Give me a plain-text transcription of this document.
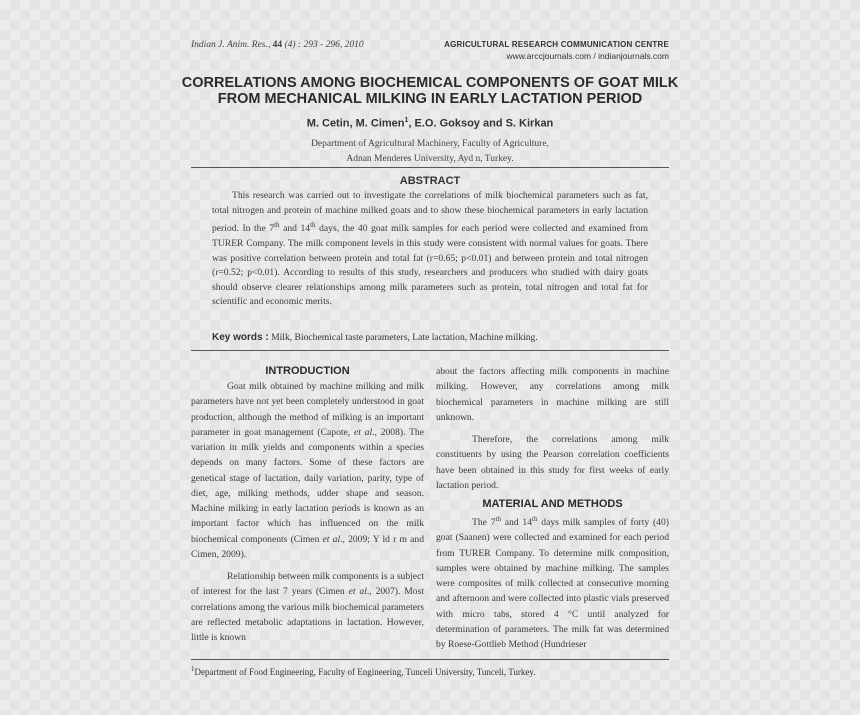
Indian J. Anim. Res., 44 (4) : 293 - 296, 2010	AGRICULTURAL RESEARCH COMMUNICATION CENTRE
www.arccjournals.com / indianjournals.com
CORRELATIONS AMONG BIOCHEMICAL COMPONENTS OF GOAT MILK FROM MECHANICAL MILKING IN EARLY LACTATION PERIOD
M. Cetin, M. Cimen$^1$, E.O. Goksoy and S. Kirkan
Department of Agricultural Machinery, Faculty of Agriculture,
Adnan Menderes University, Ayd n, Turkey.
ABSTRACT

This research was carried out to investigate the correlations of milk biochemical parameters such as fat, total nitrogen and protein of machine milked goats and to show these biochemical parameters in early lactation period. In the 7th and 14th days, the 40 goat milk samples for each period were collected and examined from TURER Company. The milk component levels in this study were consistent with normal values for goats. There was positive correlation between protein and total fat (r=0.65; p<0.01) and between protein and total nitrogen (r=0.52; p<0.01). According to results of this study, researchers and producers who studied with dairy goats should observe clearer relationships among milk parameters such as protein, total nitrogen and total fat for scientific and economic merits.

Key words : Milk, Biochemical taste parameters, Late lactation, Machine milking.

INTRODUCTION

Goat milk obtained by machine milking and milk parameters have not yet been completely understood in goat production, although the method of milking is an important parameter in goat management (Capote, et al., 2008). The variation in milk yields and components within a species depends on many factors. Some of these factors are genetical stage of lactation, daily variation, parity, type of diet, age, milking methods, udder shape and season. Machine milking in early lactation periods is known as an important factor which has influenced on the milk biochemical components (Cimen et al., 2009; Y ld r m and Cimen, 2009).

Relationship between milk components is a subject of interest for the last 7 years (Cimen et al., 2007). Most correlations among the various milk biochemical parameters are reflected metabolic adaptations in lactation. However, little is known

about the factors affecting milk components in machine milking. However, any correlations among milk biochemical parameters in machine milking are still unknown.

Therefore, the correlations among milk constituents by using the Pearson correlation coefficients have been obtained in this study for first weeks of early lactation period.

MATERIAL AND METHODS

The 7th and 14th days milk samples of forty (40) goat (Saanen) were collected and examined for each period from TURER Company. To determine milk composition, samples were obtained by machine milking. The samples were composites of milk collected at consecutive morning and afternoon and were collected into plastic vials preserved with micro tabs, stored 4 °C until analyzed for determination of parameters. The milk fat was determined by Roese-Gottlieb Method (Hundrieser

$^1$Department of Food Engineering, Faculty of Engineering, Tunceli University, Tunceli, Turkey.
